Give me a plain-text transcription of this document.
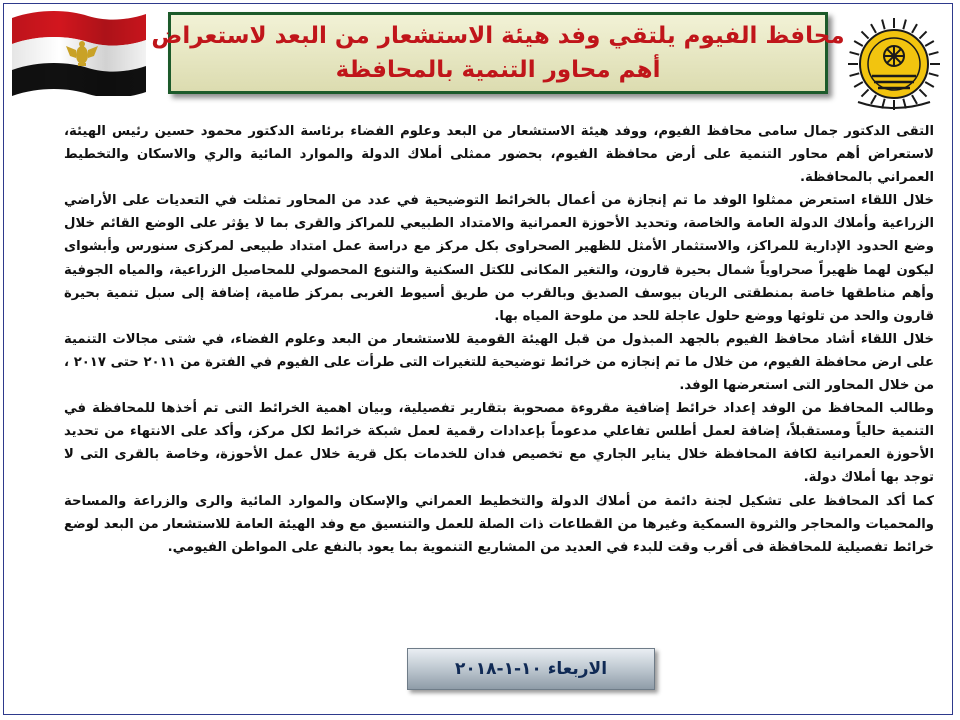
محافظ الفيوم يلتقي وفد هيئة الاستشعار من البعد لاستعراض
أهم محاور التنمية بالمحافظة

التقى الدكتور جمال سامى محافظ الفيوم، ووفد هيئة الاستشعار من البعد وعلوم الفضاء برئاسة الدكتور محمود حسين رئيس الهيئة، لاستعراض أهم محاور التنمية على أرض محافظة الفيوم، بحضور ممثلى أملاك الدولة والموارد المائية والري والاسكان والتخطيط العمراني بالمحافظة.

خلال اللقاء استعرض ممثلوا الوفد ما تم إنجازة من أعمال بالخرائط التوضيحية في عدد من المحاور تمثلت في التعديات على الأراضي الزراعية وأملاك الدولة العامة والخاصة، وتحديد الأحوزة العمرانية والامتداد الطبيعي للمراكز والقرى بما لا يؤثر على الوضع القائم خلال وضع الحدود الإدارية للمراكز، والاستثمار الأمثل للظهير الصحراوى بكل مركز مع دراسة عمل امتداد طبيعى لمركزى سنورس وأبشواى ليكون لهما ظهيراً صحراوياً شمال بحيرة قارون، والتغير المكانى للكتل السكنية والتنوع المحصولي للمحاصيل الزراعية، والمياه الجوفية وأهم مناطقها خاصة بمنطقتى الريان بيوسف الصديق وبالقرب من طريق أسيوط الغربى بمركز طامية، إضافة إلى سبل تنمية بحيرة قارون والحد من تلوثها ووضع حلول عاجلة للحد من ملوحة المياه بها.

خلال اللقاء أشاد محافظ الفيوم بالجهد المبذول من قبل الهيئة القومية للاستشعار من البعد وعلوم الفضاء، في شتى مجالات التنمية على ارض محافظة الفيوم، من خلال ما تم إنجازه من خرائط توضيحية للتغيرات التى طرأت على الفيوم في الفترة من ٢٠١١ حتى ٢٠١٧ ، من خلال المحاور التى استعرضها الوفد.

وطالب المحافظ من الوفد إعداد خرائط إضافية مقروءة مصحوبة بتقارير تفصيلية، وبيان اهمية الخرائط التى تم أخذها للمحافظة في التنمية حالياً ومستقبلاً، إضافة لعمل أطلس تفاعلي مدعوماً بإعدادات رقمية لعمل شبكة خرائط لكل مركز، وأكد على الانتهاء من تحديد الأحوزة العمرانية لكافة المحافظة خلال يناير الجاري مع تخصيص فدان للخدمات بكل قرية خلال عمل الأحوزة، وخاصة بالقرى التى لا توجد بها أملاك دولة.

كما أكد المحافظ على تشكيل لجنة دائمة من أملاك الدولة والتخطيط العمراني والإسكان والموارد المائية والرى والزراعة والمساحة والمحميات والمحاجر والثروة السمكية وغيرها من القطاعات ذات الصلة للعمل والتنسيق مع وفد الهيئة العامة للاستشعار من البعد لوضع خرائط تفصيلية للمحافظة فى أقرب وقت للبدء في العديد من المشاريع التنموية بما يعود بالنفع على المواطن الفيومي.

الاربعاء ١٠-١-٢٠١٨
